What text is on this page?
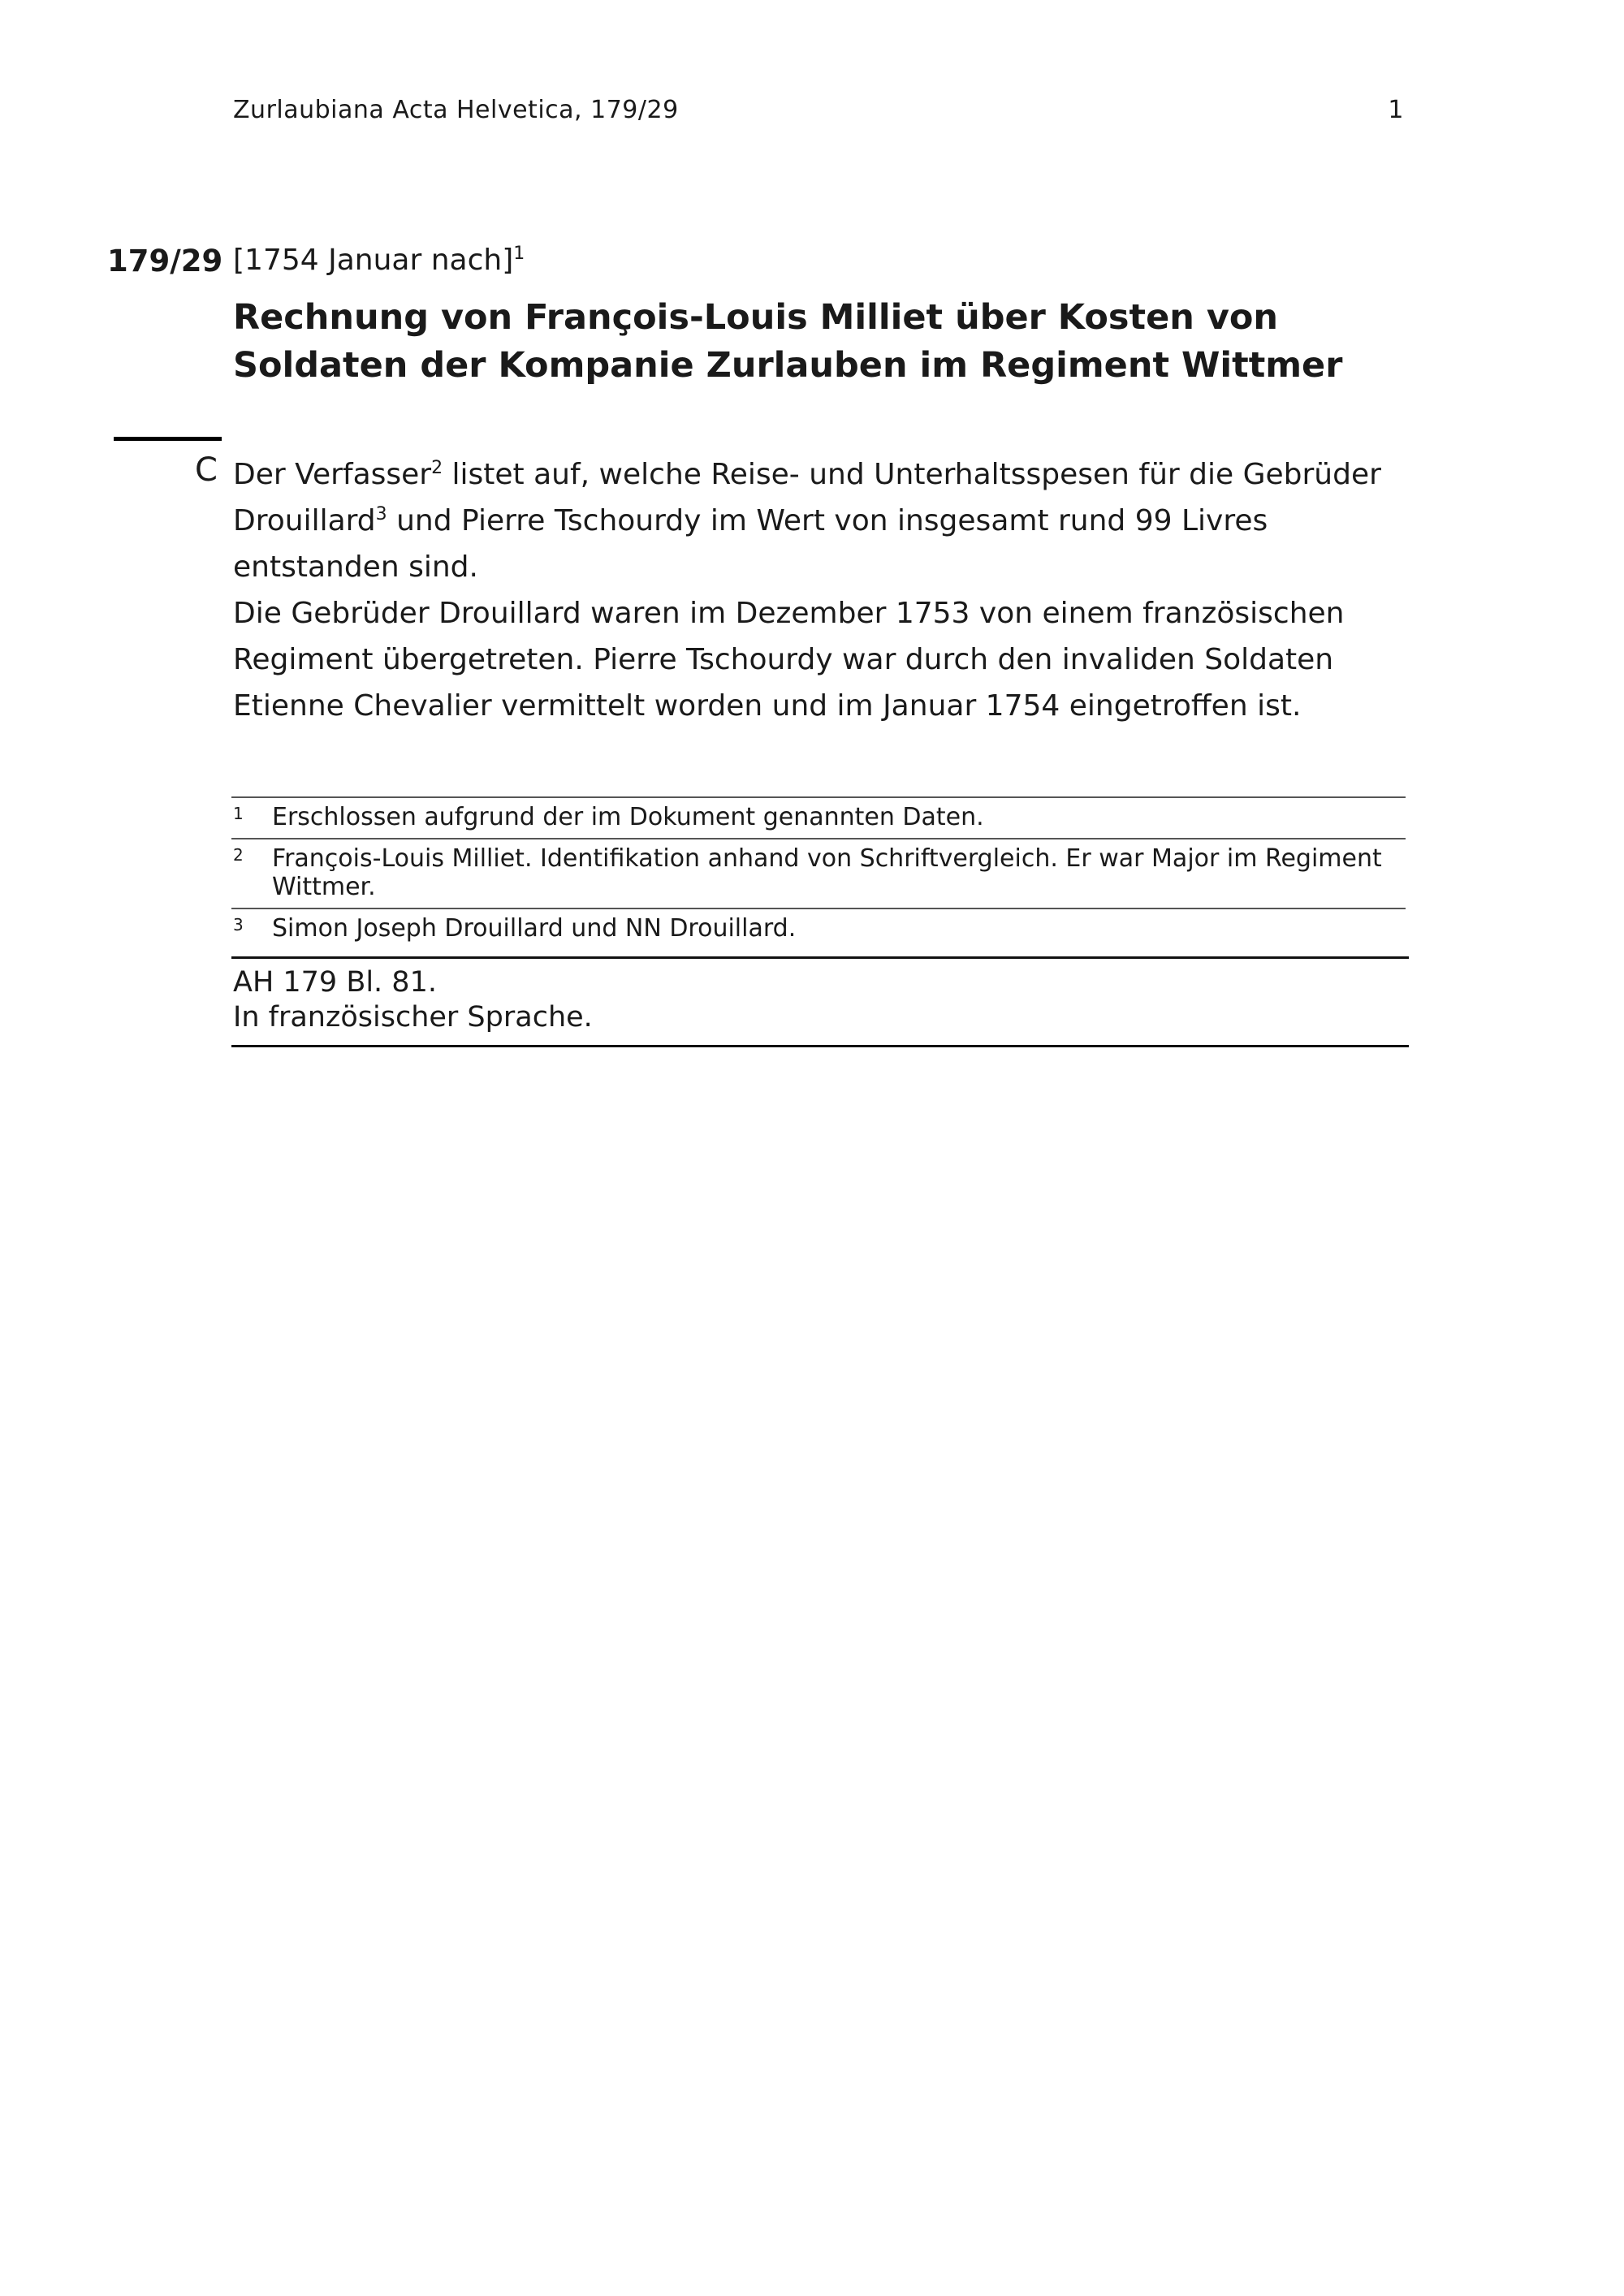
Zurlaubiana Acta Helvetica, 179/29	1
179/29 [1754 Januar nach]$^1$
Rechnung von François-Louis Milliet über Kosten von Soldaten der Kompanie Zurlauben im Regiment Wittmer
C Der Verfasser$^2$ listet auf, welche Reise- und Unterhaltsspesen für die Gebrüder Drouillard$^3$ und Pierre Tschourdy im Wert von insgesamt rund 99 Livres entstanden sind.

Die Gebrüder Drouillard waren im Dezember 1753 von einem französischen Regiment übergetreten. Pierre Tschourdy war durch den invaliden Soldaten Etienne Chevalier vermittelt worden und im Januar 1754 eingetroffen ist.

1 Erschlossen aufgrund der im Dokument genannten Daten.
2 François-Louis Milliet. Identifikation anhand von Schriftvergleich. Er war Major im Regiment Wittmer.
3 Simon Joseph Drouillard und NN Drouillard.
AH 179 Bl. 81.
In französischer Sprache.
